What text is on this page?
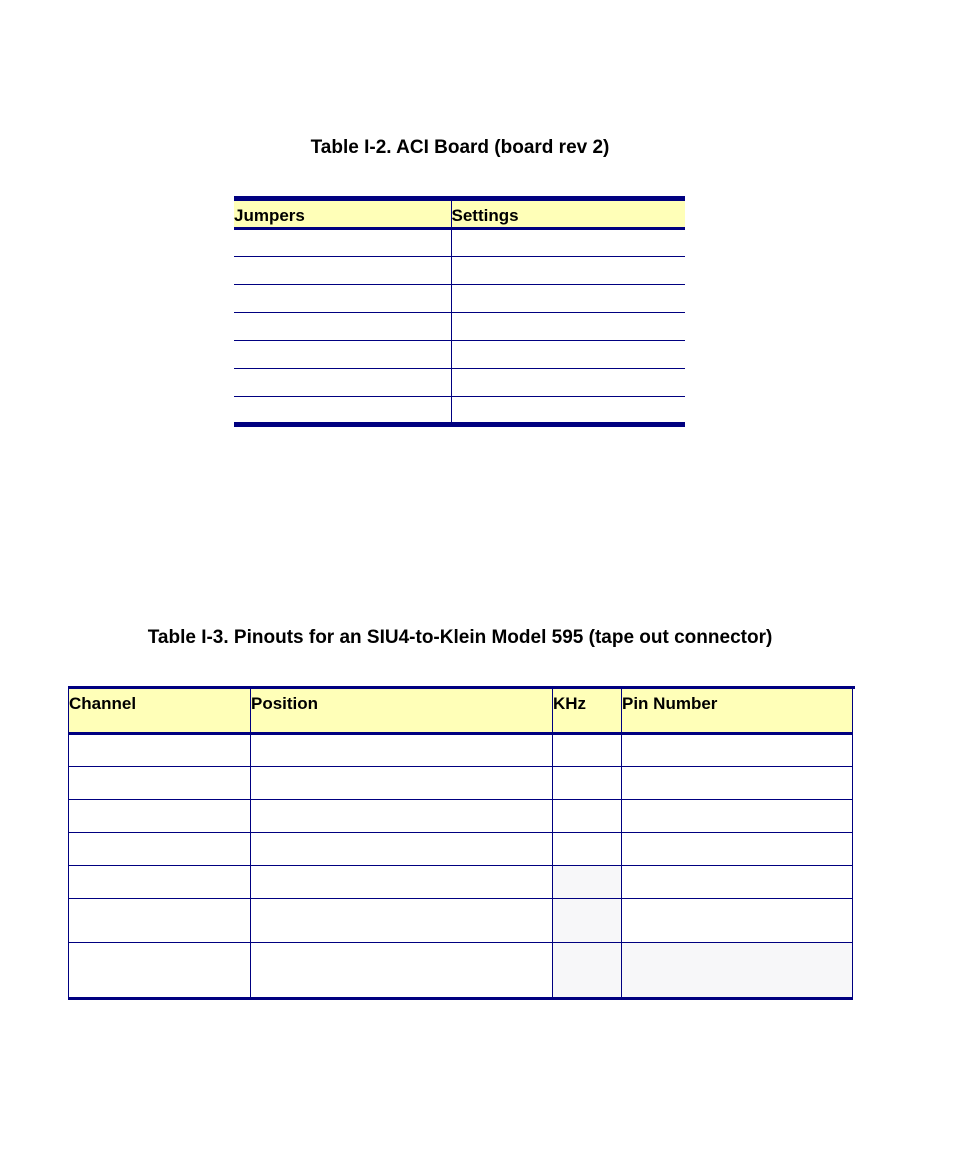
Table I-2. ACI Board (board rev 2)

Jumpers	Settings

Table I-3. Pinouts for an SIU4-to-Klein Model 595 (tape out connector)

Channel	Position	KHz	Pin Number
